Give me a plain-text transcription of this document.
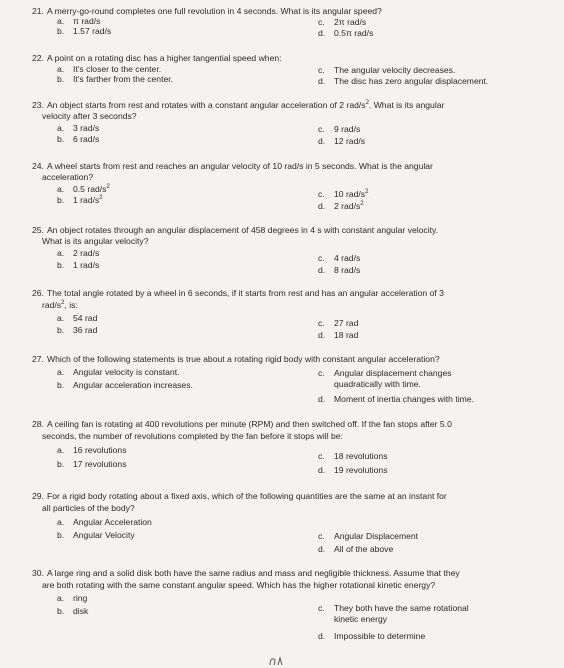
21. A merry-go-round completes one full revolution in 4 seconds. What is its angular speed?
a. π rad/s
b. 1.57 rad/s
c. 2π rad/s
d. 0.5π rad/s
22. A point on a rotating disc has a higher tangential speed when:
a. It's closer to the center.
b. It's farther from the center.
c. The angular velocity decreases.
d. The disc has zero angular displacement.
23. An object starts from rest and rotates with a constant angular acceleration of 2 rad/$s^2$. What is its angular
velocity after 3 seconds?
a. 3 rad/s
b. 6 rad/s
c. 9 rad/s
d. 12 rad/s
24. A wheel starts from rest and reaches an angular velocity of 10 rad/s in 5 seconds. What is the angular
acceleration?
a. 0.5 rad/$s^2$
b. 1 rad/$s^2$	c. 10 rad/$s^2$
d. 2 rad/$s^2$
25. An object rotates through an angular displacement of 458 degrees in 4 s with constant angular velocity.
What is its angular velocity?
a. 2 rad/s
b. 1 rad/s
c. 4 rad/s
d. 8 rad/s
26. The total angle rotated by a wheel in 6 seconds, if it starts from rest and has an angular acceleration of 3
rad/$s^2$, is:
a. 54 rad
b. 36 rad
c. 27 rad
d. 18 rad
27. Which of the following statements is true about a rotating rigid body with constant angular acceleration?
a. Angular velocity is constant.
b. Angular acceleration increases.
c. Angular displacement changes
quadratically with time.
d. Moment of inertia changes with time.
28. A ceiling fan is rotating at 400 revolutions per minute (RPM) and then switched off. If the fan stops after 5.0
seconds, the number of revolutions completed by the fan before it stops will be:
a. 16 revolutions
b. 17 revolutions
c. 18 revolutions
d. 19 revolutions
29. For a rigid body rotating about a fixed axis, which of the following quantities are the same at an instant for
all particles of the body?
a. Angular Acceleration
b. Angular Velocity	c. Angular Displacement
d. All of the above
30. A large ring and a solid disk both have the same radius and mass and negligible thickness. Assume that they
are both rotating with the same constant angular speed. Which has the higher rotational kinetic energy?
a. ring
b. disk	c. They both have the same rotational
kinetic energy
d. Impossible to determine
